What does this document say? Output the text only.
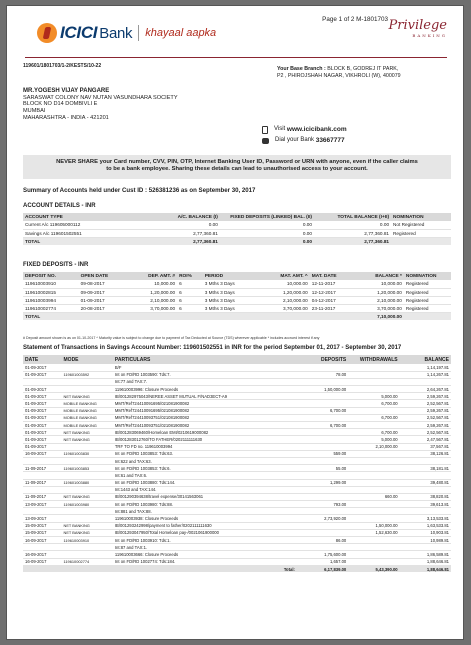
ICICI Bank khayaal aapka
Page 1 of 2 M-1801703 Privilege
BANKING
119601/1801703/1-2/KESTS/10-22	Your Base Branch : BLOCK B, GODREJ IT PARK,
P2 , PHIROJSHAH NAGAR, VIKHROLI (W), 400079
MR.YOGESH VIJAY PANGARE
SARASWAT COLONY NAV NUTAN VASUNDHARA SOCIETY
BLOCK NO D14 DOMBIVLI E
MUMBAI
MAHARASHTRA - INDIA - 421201
Visit
www.icicibank.com
Dial your Bank
33667777
NEVER SHARE your Card number, CVV, PIN, OTP, Internet Banking User ID, Password or URN with anyone, even if the caller claims
to be a bank employee. Sharing these details can lead to unauthorised access to your account.
Summary of Accounts held under Cust ID : 526381236 as on September 30, 2017
ACCOUNT DETAILS - INR
ACCOUNT TYPE	A/C. BALANCE (I)	FIXED DEPOSITS (LINKED) BAL. (II)	TOTAL BALANCE (I+II)	NOMINATION
Current A/c 119605000112	0.00	0.00	0.00	Not Registered
Savings A/c 119601502551	2,77,360.81	0.00	2,77,360.81	Registered
TOTAL	2,77,360.81	0.00	2,77,360.81	
FIXED DEPOSITS - INR
DEPOSIT NO.	OPEN DATE	DEP. AMT. #	ROI%	PERIOD	MAT. AMT. ^	MAT. DATE	BALANCE *	NOMINATION
119610003910	09-08-2017	10,000.00	6	3 Mths 3 Days	10,000.00	12-11-2017	10,000.00	Registered
119610002815	09-09-2017	1,20,000.00	6	3 Mths 3 Days	1,20,000.00	12-12-2017	1,20,000.00	Registered
119610003994	01-09-2017	2,10,000.00	6	3 Mths 3 Days	2,10,000.00	04-12-2017	2,10,000.00	Registered
119610002774	20-08-2017	3,70,000.00	6	3 Mths 3 Days	3,70,000.00	23-11-2017	3,70,000.00	Registered
TOTAL							7,10,000.00	
# Deposit amount shown is as on 01-10-2017 ^ Maturity value is subject to change due to payment of Tax Deducted at Source (TDS) wherever applicable * includes accrued interest if any
Statement of Transactions in Savings Account Number: 119601502551 in INR for the period September 01, 2017 - September 30, 2017
DATE	MODE	PARTICULARS	DEPOSITS	WITHDRAWALS	BALANCE
01-09-2017		B/F			1,14,197.81
01-09-2017	119601003592	Int on FD/RD 1003590: Tds:7.	78.00		1,14,267.81
		Int:77 and TAX:7.			
01-09-2017		119610003996: Closure Proceeds	1,50,000.00		2,64,267.81
01-09-2017	NET BANKING	IB/001282975043/NEREE ASSET MUTUAL F/NAD3ECT-A9		5,000.00	2,59,267.81
01-09-2017	MOBILE BANKING	MMT/Ref724410091695/021081900082		6,700.00	2,52,567.81
01-09-2017	MOBILE BANKING	MMT/Ref724410091695/021081900082	6,700.00		2,59,267.81
01-09-2017	MOBILE BANKING	MMT/Ref724410093751/021081900082		6,700.00	2,52,567.81
01-09-2017	MOBILE BANKING	MMT/Ref724410093751/021081900082	6,700.00		2,59,267.81
01-09-2017	NET BANKING	IB/001283069460/Homeloan EMI/0210619000082		6,700.00	2,52,567.81
01-09-2017	NET BANKING	IB/001283012760/TO FATHER/0202111111630		5,000.00	2,47,567.81
01-09-2017		TRF TO FD no. 119610003994		2,10,000.00	37,567.81
16-09-2017	119601003830	Int on FD/RD 1003853: Tds:63.	559.00		38,126.81
		Int:622 and TAX:63.			
11-09-2017	119601003853	Int on FD/RD 1003853: Tds:6.	55.00		38,181.81
		Int:61 and TAX:6.			
11-09-2017	119601003880	Int on FD/RD 1003880: Tds:144.	1,299.00		39,480.81
		Int:1443 and TAX:144.			
11-09-2017	NET BANKING	IB/001290394638/travel expense/30141563061		660.00	38,820.81
13-09-2017	119601003980	Int on FD/RD 1003980: Tds:88.	793.00		39,613.81
		Int:881 and TAX:88.			
13-09-2017		119610003938: Closure Proceeds	2,73,920.00		3,13,533.81
15-09-2017	NET BANKING	IB/001293242998/payment to father/0202111111630		1,50,000.00	1,63,533.81
15-09-2017	NET BANKING	IB/001293047950/Total Homeloan pay-/0021061900000		1,52,630.00	10,903.81
16-09-2017	119610003910	Int on FD/RD 1003910: Tds:1.	86.00		10,989.81
		Int:87 and TAX:1.			
16-09-2017		119610003666: Closure Proceeds	1,75,600.00		1,86,589.81
16-09-2017	119610002774	Int on FD/RD 1002774: Tds:184.	1,657.00		1,88,646.81
		Total:	6,17,839.00	5,43,390.00	1,88,646.81
